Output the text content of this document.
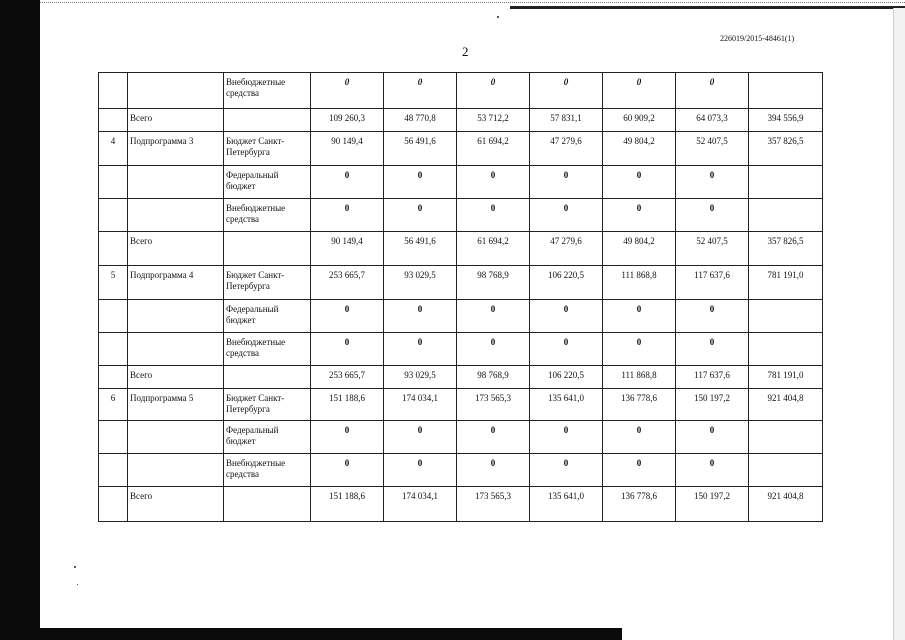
226019/2015-48461(1)
2

		Внебюджетные средства	0	0	0	0	0	0	

	Всего		109 260,3	48 770,8	53 712,2	57 831,1	60 909,2	64 073,3	394 556,9

4	Подпрограмма 3	Бюджет Санкт-Петербурга	90 149,4	56 491,6	61 694,2	47 279,6	49 804,2	52 407,5	357 826,5

		Федеральный бюджет	0	0	0	0	0	0	

		Внебюджетные средства	0	0	0	0	0	0	

	Всего		90 149,4	56 491,6	61 694,2	47 279,6	49 804,2	52 407,5	357 826,5

5	Подпрограмма 4	Бюджет Санкт-Петербурга	253 665,7	93 029,5	98 768,9	106 220,5	111 868,8	117 637,6	781 191,0

		Федеральный бюджет	0	0	0	0	0	0	

		Внебюджетные средства	0	0	0	0	0	0	

	Всего		253 665,7	93 029,5	98 768,9	106 220,5	111 868,8	117 637,6	781 191,0

6	Подпрограмма 5	Бюджет Санкт-Петербурга	151 188,6	174 034,1	173 565,3	135 641,0	136 778,6	150 197,2	921 404,8

		Федеральный бюджет	0	0	0	0	0	0	

		Внебюджетные средства	0	0	0	0	0	0	

	Всего		151 188,6	174 034,1	173 565,3	135 641,0	136 778,6	150 197,2	921 404,8
